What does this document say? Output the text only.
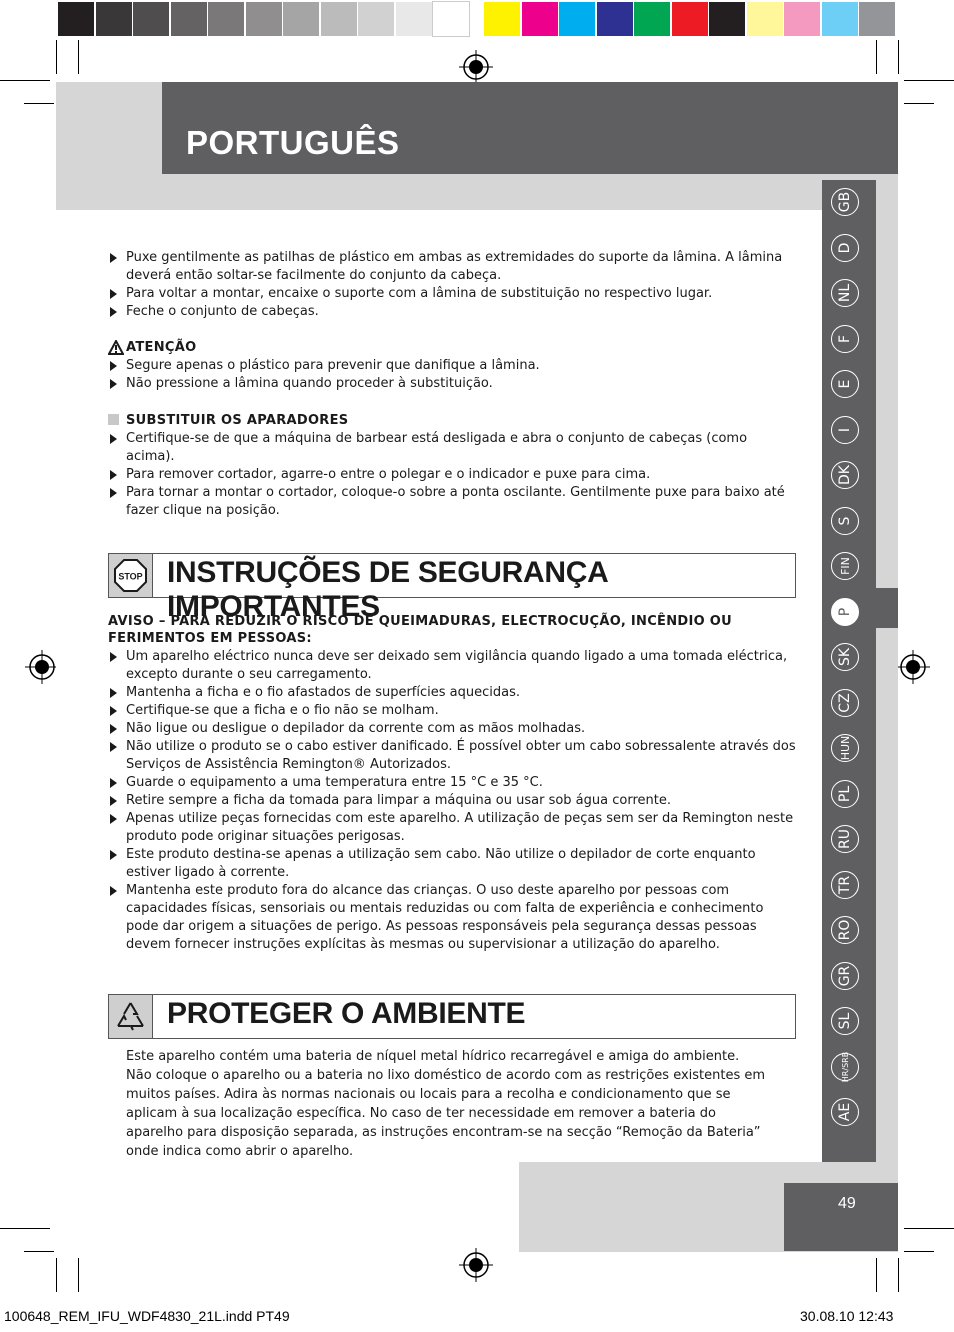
PORTUGUÊS
GB
D
NL
F
E
I
DK
S
FIN
P
SK
CZ
HUN
PL
RU
TR
RO
GR
SL
HR/SRB
AE
Puxe gentilmente as patilhas de plástico em ambas as extremidades do suporte da lâmina. A lâmina deverá então soltar-se facilmente do conjunto da cabeça.
Para voltar a montar, encaixe o suporte com a lâmina de substituição no respectivo lugar.
Feche o conjunto de cabeças.
ATENÇÃO
Segure apenas o plástico para prevenir que danifique a lâmina.
Não pressione a lâmina quando proceder à substituição.
SUBSTITUIR OS APARADORES
Certifique-se de que a máquina de barbear está desligada e abra o conjunto de cabeças (como acima).
Para remover cortador, agarre-o entre o polegar e o indicador e puxe para cima.
Para tornar a montar o cortador, coloque-o sobre a ponta oscilante. Gentilmente puxe para baixo até fazer clique na posição.
STOP INSTRUÇÕES DE SEGURANÇA IMPORTANTES
AVISO – PARA REDUZIR O RISCO DE QUEIMADURAS, ELECTROCUÇÃO, INCÊNDIO OU FERIMENTOS EM PESSOAS:
Um aparelho eléctrico nunca deve ser deixado sem vigilância quando ligado a uma tomada eléctrica, excepto durante o seu carregamento.
Mantenha a ficha e o fio afastados de superfícies aquecidas.
Certifique-se que a ficha e o fio não se molham.
Não ligue ou desligue o depilador da corrente com as mãos molhadas.
Não utilize o produto se o cabo estiver danificado. É possível obter um cabo sobressalente através dos Serviços de Assistência Remington® Autorizados.
Guarde o equipamento a uma temperatura entre 15 °C e 35 °C.
Retire sempre a ficha da tomada para limpar a máquina ou usar sob água corrente.
Apenas utilize peças fornecidas com este aparelho. A utilização de peças sem ser da Remington neste produto pode originar situações perigosas.
Este produto destina-se apenas a utilização sem cabo. Não utilize o depilador de corte enquanto estiver ligado à corrente.
Mantenha este produto fora do alcance das crianças. O uso deste aparelho por pessoas com capacidades físicas, sensoriais ou mentais reduzidas ou com falta de experiência e conhecimento pode dar origem a situações de perigo. As pessoas responsáveis pela segurança dessas pessoas devem fornecer instruções explícitas às mesmas ou supervisionar a utilização do aparelho.
PROTEGER O AMBIENTE
Este aparelho contém uma bateria de níquel metal hídrico recarregável e amiga do ambiente. Não coloque o aparelho ou a bateria no lixo doméstico de acordo com as restrições existentes em muitos países. Adira às normas nacionais ou locais para a recolha e condicionamento que se aplicam à sua localização específica. No caso de ter necessidade em remover a bateria do aparelho para disposição separada, as instruções encontram-se na secção “Remoção da Bateria” onde indica como abrir o aparelho.
49
100648_REM_IFU_WDF4830_21L.indd PT49	30.08.10 12:43
